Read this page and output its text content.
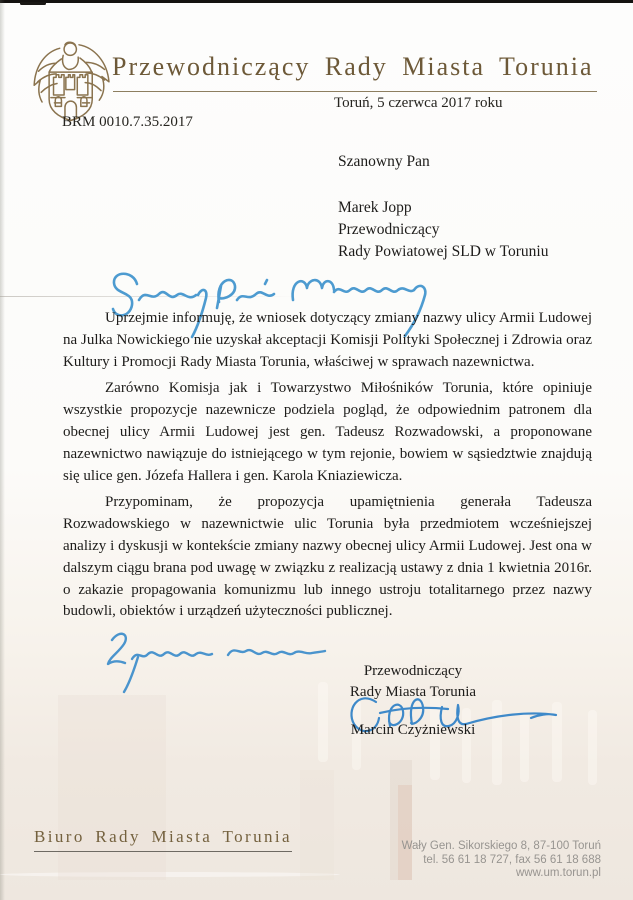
Przewodniczący Rady Miasta Torunia
Toruń, 5 czerwca 2017 roku
BRM 0010.7.35.2017
Szanowny Pan
Marek Jopp
Przewodniczący
Rady Powiatowej SLD w Toruniu

Uprzejmie informuję, że wniosek dotyczący zmiany nazwy ulicy Armii Ludowej na Julka Nowickiego nie uzyskał akceptacji Komisji Polityki Społecznej i Zdrowia oraz Kultury i Promocji Rady Miasta Torunia, właściwej w sprawach nazewnictwa.

Zarówno Komisja jak i Towarzystwo Miłośników Torunia, które opiniuje wszystkie propozycje nazewnicze podziela pogląd, że odpowiednim patronem dla obecnej ulicy Armii Ludowej jest gen. Tadeusz Rozwadowski, a proponowane nazewnictwo nawiązuje do istniejącego w tym rejonie, bowiem w sąsiedztwie znajdują się ulice gen. Józefa Hallera i gen. Karola Kniaziewicza.

Przypominam, że propozycja upamiętnienia generała Tadeusza Rozwadowskiego w nazewnictwie ulic Torunia była przedmiotem wcześniejszej analizy i dyskusji w kontekście zmiany nazwy obecnej ulicy Armii Ludowej. Jest ona w dalszym ciągu brana pod uwagę w związku z realizacją ustawy z dnia 1 kwietnia 2016r. o zakazie propagowania komunizmu lub innego ustroju totalitarnego przez nazwy budowli, obiektów i urządzeń użyteczności publicznej.

Przewodniczący
Rady Miasta Torunia
Marcin Czyżniewski
Biuro Rady Miasta Torunia	Wały Gen. Sikorskiego 8, 87-100 Toruń
tel. 56 61 18 727, fax 56 61 18 688
www.um.torun.pl
